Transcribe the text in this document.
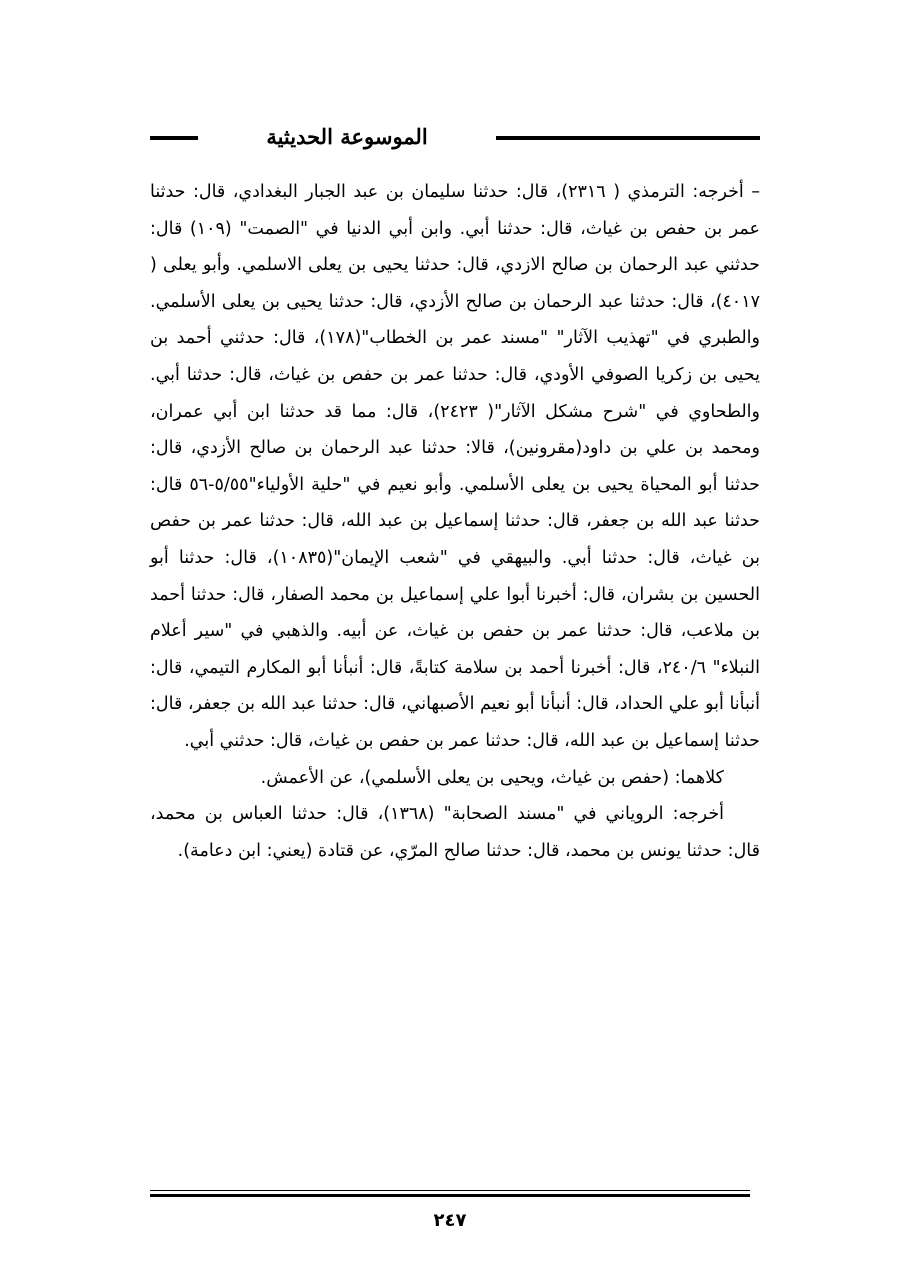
الموسوعة الحديثية

– أخرجه: الترمذي ( ٢٣١٦)، قال: حدثنا سليمان بن عبد الجبار البغدادي، قال: حدثنا عمر بن حفص بن غياث، قال: حدثنا أبي. وابن أبي الدنيا في "الصمت" (١٠٩) قال: حدثني عبد الرحمان بن صالح الازدي، قال: حدثنا يحيى بن يعلى الاسلمي. وأبو يعلى ( ٤٠١٧)، قال: حدثنا عبد الرحمان بن صالح الأزدي، قال: حدثنا يحيى بن يعلى الأسلمي. والطبري في "تهذيب الآثار" "مسند عمر بن الخطاب"(١٧٨)، قال: حدثني أحمد بن يحيى بن زكريا الصوفي الأودي، قال: حدثنا عمر بن حفص بن غياث، قال: حدثنا أبي. والطحاوي في "شرح مشكل الآثار"( ٢٤٢٣)، قال: مما قد حدثنا ابن أبي عمران، ومحمد بن علي بن داود(مقرونين)، قالا: حدثنا عبد الرحمان بن صالح الأزدي، قال: حدثنا أبو المحياة يحيى بن يعلى الأسلمي. وأبو نعيم في "حلية الأولياء"٥/٥٥-٥٦ قال: حدثنا عبد الله بن جعفر، قال: حدثنا إسماعيل بن عبد الله، قال: حدثنا عمر بن حفص بن غياث، قال: حدثنا أبي. والبيهقي في "شعب الإيمان"(١٠٨٣٥)، قال: حدثنا أبو الحسين بن بشران، قال: أخبرنا أبوا علي إسماعيل بن محمد الصفار، قال: حدثنا أحمد بن ملاعب، قال: حدثنا عمر بن حفص بن غياث، عن أبيه. والذهبي في "سير أعلام النبلاء" ٢٤٠/٦، قال: أخبرنا أحمد بن سلامة كتابةً، قال: أنبأنا أبو المكارم التيمي، قال: أنبأنا أبو علي الحداد، قال: أنبأنا أبو نعيم الأصبهاني، قال: حدثنا عبد الله بن جعفر، قال: حدثنا إسماعيل بن عبد الله، قال: حدثنا عمر بن حفص بن غياث، قال: حدثني أبي.

كلاهما: (حفص بن غياث، ويحيى بن يعلى الأسلمي)، عن الأعمش.

أخرجه: الروياني في "مسند الصحابة" (١٣٦٨)، قال: حدثنا العباس بن محمد، قال: حدثنا يونس بن محمد، قال: حدثنا صالح المرّي، عن قتادة (يعني: ابن دعامة).

٢٤٧
